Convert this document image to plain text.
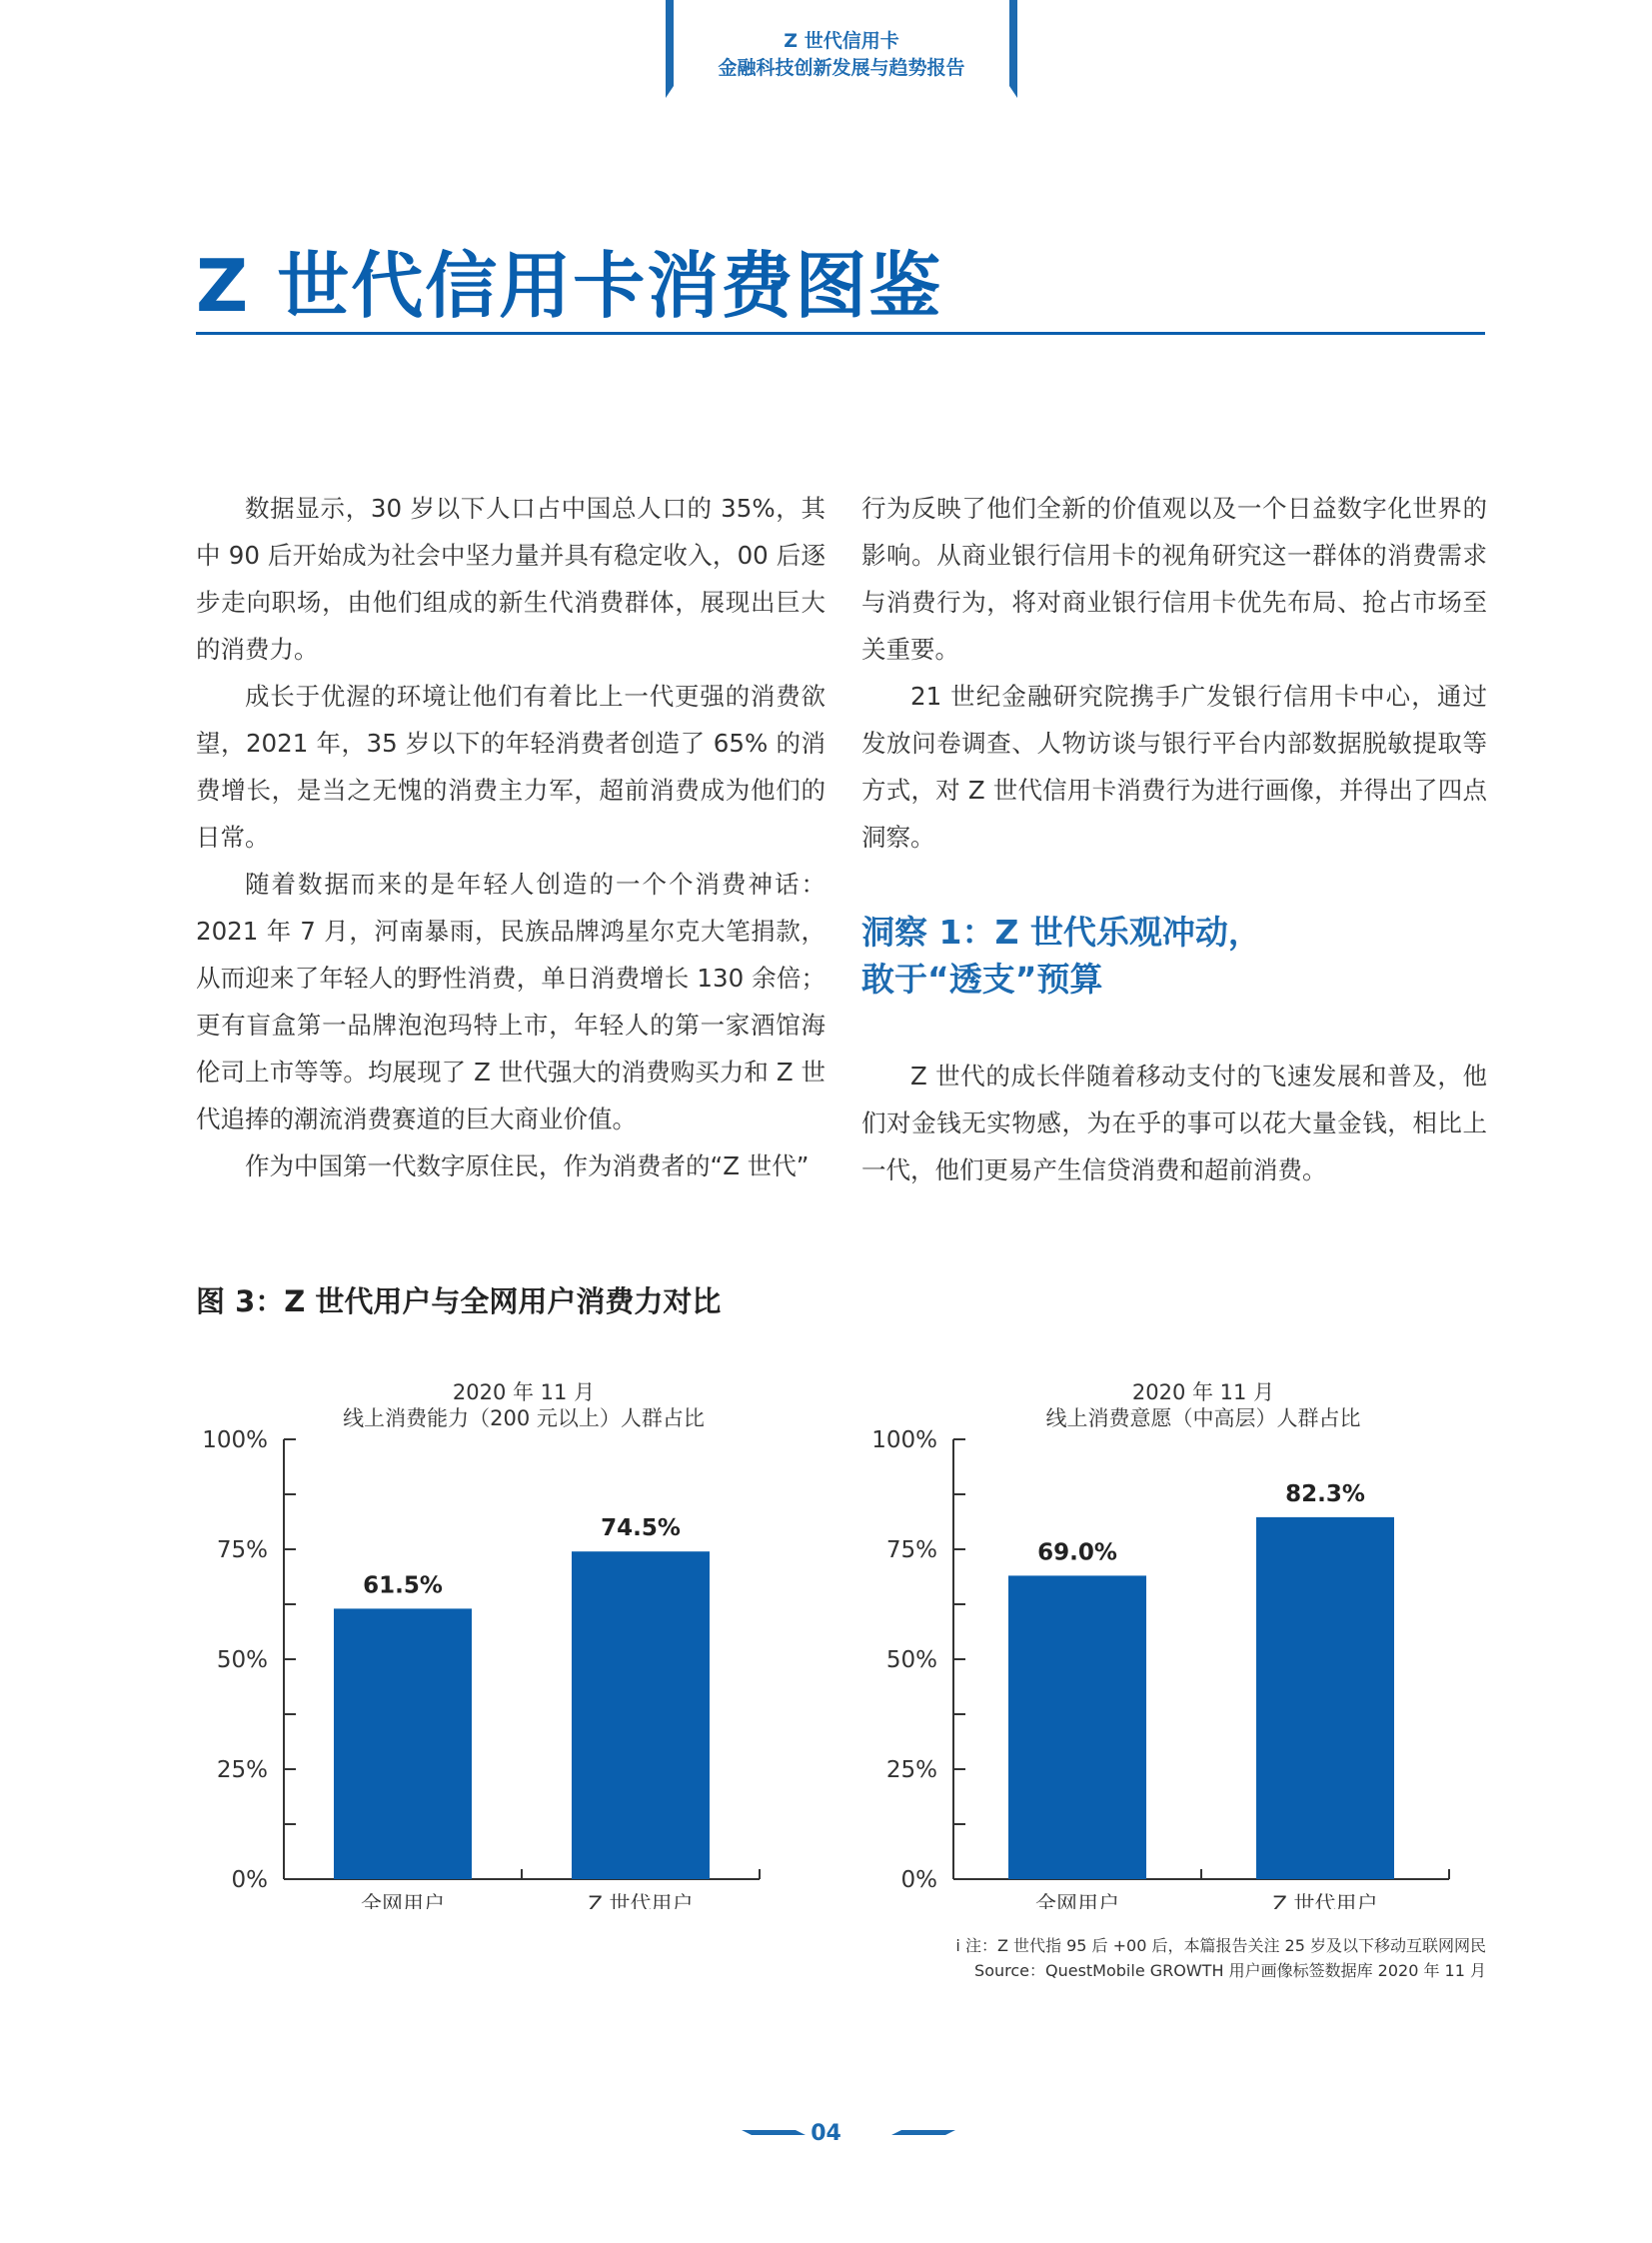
Z 世代信用卡
金融科技创新发展与趋势报告
Z 世代信用卡消费图鉴

数据显示，30 岁以下人口占中国总人口的 35%，其中 90 后开始成为社会中坚力量并具有稳定收入，00 后逐步走向职场，由他们组成的新生代消费群体，展现出巨大的消费力。

成长于优渥的环境让他们有着比上一代更强的消费欲望，2021 年，35 岁以下的年轻消费者创造了 65% 的消费增长，是当之无愧的消费主力军，超前消费成为他们的日常。

随着数据而来的是年轻人创造的一个个消费神话：2021 年 7 月，河南暴雨，民族品牌鸿星尔克大笔捐款，从而迎来了年轻人的野性消费，单日消费增长 130 余倍；更有盲盒第一品牌泡泡玛特上市，年轻人的第一家酒馆海伦司上市等等。均展现了 Z 世代强大的消费购买力和 Z 世代追捧的潮流消费赛道的巨大商业价值。

作为中国第一代数字原住民，作为消费者的“Z 世代”

行为反映了他们全新的价值观以及一个日益数字化世界的影响。从商业银行信用卡的视角研究这一群体的消费需求与消费行为，将对商业银行信用卡优先布局、抢占市场至关重要。

21 世纪金融研究院携手广发银行信用卡中心，通过发放问卷调查、人物访谈与银行平台内部数据脱敏提取等方式，对 Z 世代信用卡消费行为进行画像，并得出了四点洞察。

洞察 1：Z 世代乐观冲动，
敢于“透支”预算

Z 世代的成长伴随着移动支付的飞速发展和普及，他们对金钱无实物感，为在乎的事可以花大量金钱，相比上一代，他们更易产生信贷消费和超前消费。

图 3：Z 世代用户与全网用户消费力对比
2020 年 11 月
线上消费能力（200 元以上）人群占比
0%
25%
50%
75%
100%
61.5%
全网用户
74.5%
Z 世代用户
2020 年 11 月
线上消费意愿（中高层）人群占比
0%
25%
50%
75%
100%
69.0%
全网用户
82.3%
Z 世代用户
i 注：Z 世代指 95 后 +00 后，本篇报告关注 25 岁及以下移动互联网网民
Source：QuestMobile GROWTH 用户画像标签数据库 2020 年 11 月
04
